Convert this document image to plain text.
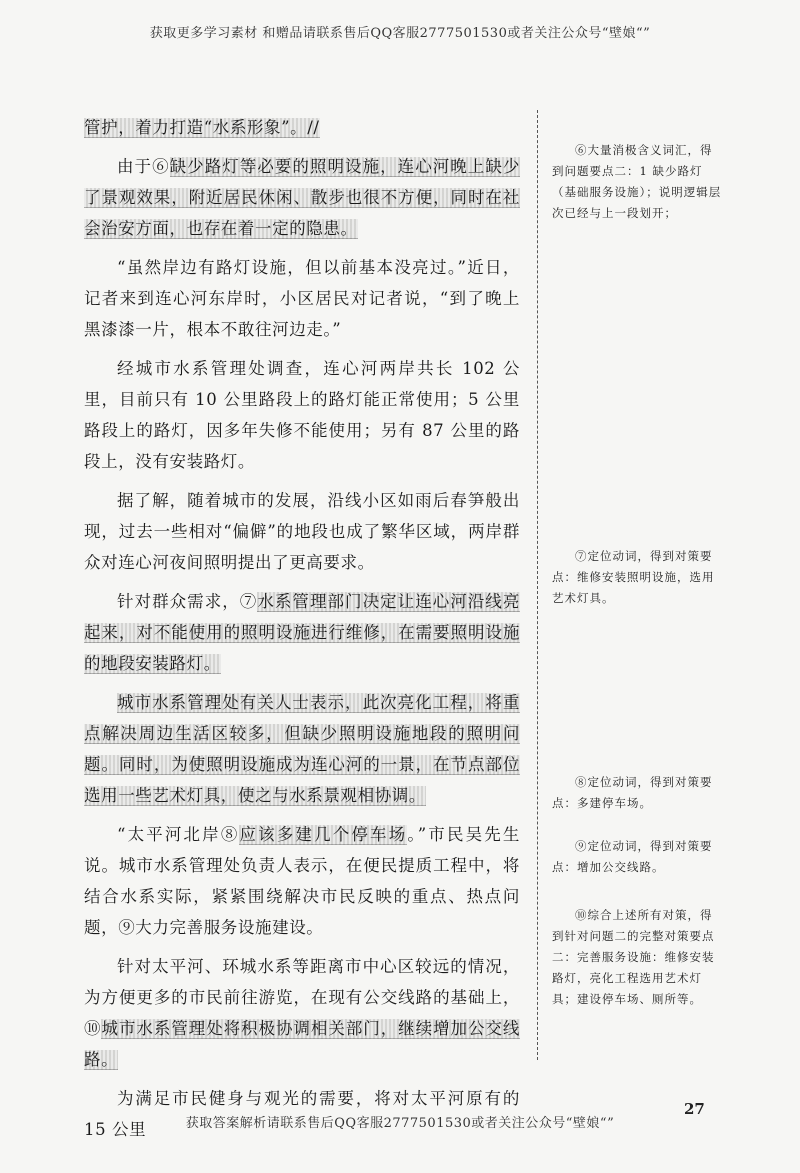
获取更多学习素材 和赠品请联系售后QQ客服2777501530或者关注公众号“壁娘“”

管护，着力打造“水系形象”。//

由于⑥缺少路灯等必要的照明设施，连心河晚上缺少了景观效果，附近居民休闲、散步也很不方便，同时在社会治安方面，也存在着一定的隐患。

“虽然岸边有路灯设施，但以前基本没亮过。”近日，记者来到连心河东岸时，小区居民对记者说，“到了晚上黑漆漆一片，根本不敢往河边走。”

经城市水系管理处调查，连心河两岸共长 102 公里，目前只有 10 公里路段上的路灯能正常使用；5 公里路段上的路灯，因多年失修不能使用；另有 87 公里的路段上，没有安装路灯。

据了解，随着城市的发展，沿线小区如雨后春笋般出现，过去一些相对“偏僻”的地段也成了繁华区域，两岸群众对连心河夜间照明提出了更高要求。

针对群众需求，⑦水系管理部门决定让连心河沿线亮起来，对不能使用的照明设施进行维修，在需要照明设施的地段安装路灯。

城市水系管理处有关人士表示，此次亮化工程，将重点解决周边生活区较多，但缺少照明设施地段的照明问题。同时，为使照明设施成为连心河的一景，在节点部位选用一些艺术灯具，使之与水系景观相协调。

“太平河北岸⑧应该多建几个停车场。”市民吴先生说。城市水系管理处负责人表示，在便民提质工程中，将结合水系实际，紧紧围绕解决市民反映的重点、热点问题，⑨大力完善服务设施建设。

针对太平河、环城水系等距离市中心区较远的情况，为方便更多的市民前往游览，在现有公交线路的基础上，⑩城市水系管理处将积极协调相关部门，继续增加公交线路。

为满足市民健身与观光的需要，将对太平河原有的 15 公里

⑥大量消极含义词汇，得到问题要点二：1 缺少路灯（基础服务设施）；说明逻辑层次已经与上一段划开；
⑦定位动词，得到对策要点：维修安装照明设施，选用艺术灯具。
⑧定位动词，得到对策要点：多建停车场。
⑨定位动词，得到对策要点：增加公交线路。
⑩综合上述所有对策，得到针对问题二的完整对策要点二：完善服务设施：维修安装路灯，亮化工程选用艺术灯具；建设停车场、厕所等。
27
获取答案解析请联系售后QQ客服2777501530或者关注公众号“壁娘“”
